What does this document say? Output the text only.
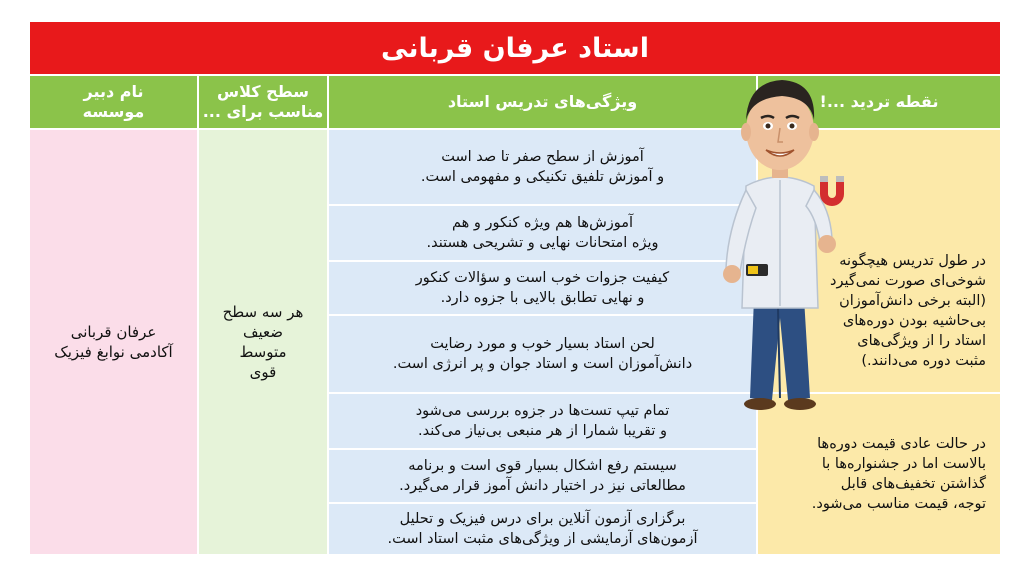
استاد عرفان قربانی
نقطه تردید ...!
ویژگی‌های تدریس استاد
سطح کلاس
مناسب برای ...
نام دبیر
موسسه
عرفان قربانی
آکادمی نوابغ فیزیک
هر سه سطح
ضعیف
متوسط
قوی
آموزش از سطح صفر تا صد است
و آموزش تلفیق تکنیکی و مفهومی است.
آموزش‌ها هم ویژه کنکور و هم
ویژه امتحانات نهایی و تشریحی هستند.
کیفیت جزوات خوب است و سؤالات کنکور
و نهایی تطابق بالایی با جزوه دارد.
لحن استاد بسیار خوب و مورد رضایت
دانش‌آموزان است و استاد جوان و پر انرژی است.
تمام تیپ تست‌ها در جزوه بررسی می‌شود
و تقریبا شمارا از هر منبعی بی‌نیاز می‌کند.
سیستم رفع اشکال بسیار قوی است و برنامه
مطالعاتی نیز در اختیار دانش آموز قرار می‌گیرد.
برگزاری آزمون آنلاین برای درس فیزیک و تحلیل
آزمون‌های آزمایشی از ویژگی‌های مثبت استاد است.
در طول تدریس هیچگونه
شوخی‌ای صورت نمی‌گیرد
(البته برخی دانش‌آموزان
بی‌حاشیه بودن دوره‌های
استاد را از ویژگی‌های
مثبت دوره می‌دانند.)
در حالت عادی قیمت دوره‌ها
بالاست اما در جشنواره‌ها با
گذاشتن تخفیف‌های قابل
توجه، قیمت مناسب می‌شود.
